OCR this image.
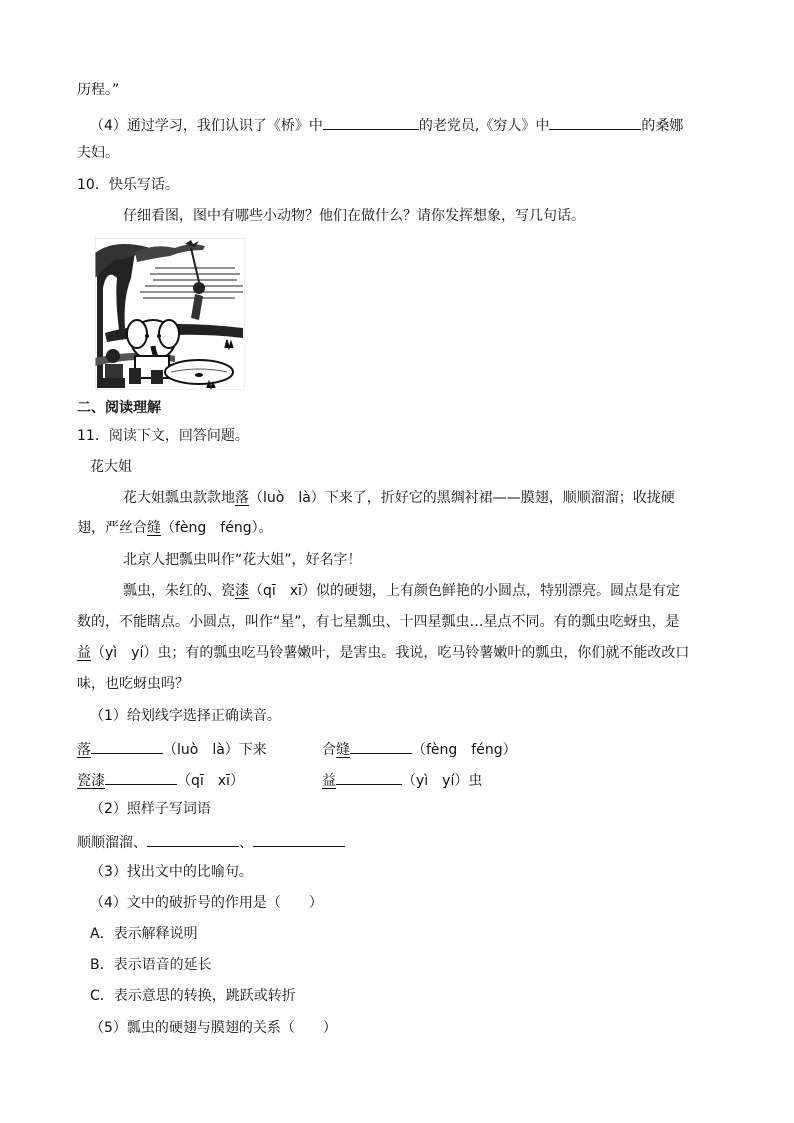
历程。”
（4）通过学习，我们认识了《桥》中	的老党员,《穷人》中	的桑娜
夫妇。
10．快乐写话。
仔细看图，图中有哪些小动物？他们在做什么？请你发挥想象，写几句话。
二、阅读理解
11．阅读下文，回答问题。
花大姐
花大姐瓢虫款款地落（luò　là）下来了，折好它的黑绸衬裙——膜翅，顺顺溜溜；收拢硬
翅，严丝合缝（fèng　féng）。
北京人把瓢虫叫作“花大姐”，好名字！
瓢虫，朱红的、瓷漆（qī　xī）似的硬翅，上有颜色鲜艳的小圆点，特别漂亮。圆点是有定
数的，不能瞎点。小圆点，叫作“星”，有七星瓢虫、十四星瓢虫…星点不同。有的瓢虫吃蚜虫，是
益（yì　yí）虫；有的瓢虫吃马铃薯嫩叶，是害虫。我说，吃马铃薯嫩叶的瓢虫，你们就不能改改口
味，也吃蚜虫吗？
（1）给划线字选择正确读音。
落	（luò　là）下来	合缝	（fèng　féng）
瓷漆	（qī　xī）	益	（yì　yí）虫
（2）照样子写词语
顺顺溜溜、	、
（3）找出文中的比喻句。
（4）文中的破折号的作用是（　　）
A．表示解释说明
B．表示语音的延长
C．表示意思的转换，跳跃或转折
（5）瓢虫的硬翅与膜翅的关系（　　）
